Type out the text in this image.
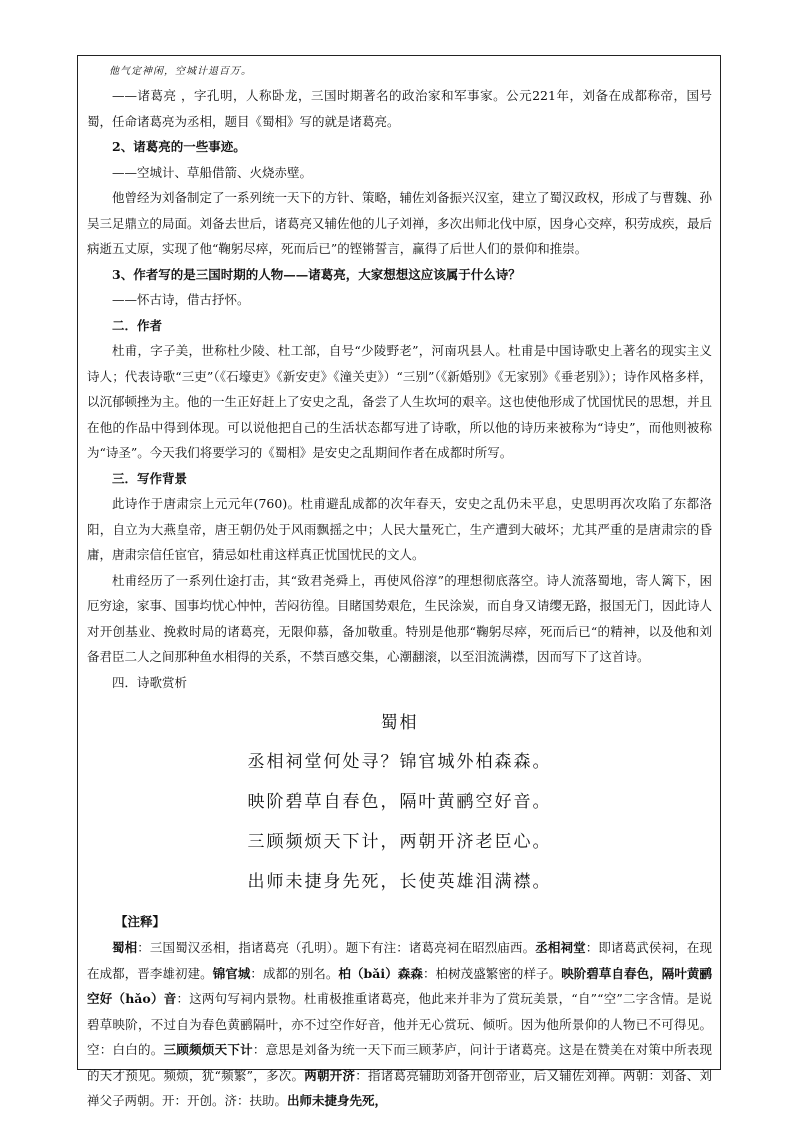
他气定神闲，空城计退百万。

——诸葛亮 ，字孔明，人称卧龙，三国时期著名的政治家和军事家。公元221年，刘备在成都称帝，国号蜀，任命诸葛亮为丞相，题目《蜀相》写的就是诸葛亮。

2、诸葛亮的一些事迹。

——空城计、草船借箭、火烧赤壁。

他曾经为刘备制定了一系列统一天下的方针、策略，辅佐刘备振兴汉室，建立了蜀汉政权，形成了与曹魏、孙吴三足鼎立的局面。刘备去世后，诸葛亮又辅佐他的儿子刘禅，多次出师北伐中原，因身心交瘁，积劳成疾，最后病逝五丈原，实现了他“鞠躬尽瘁，死而后已”的铿锵誓言，赢得了后世人们的景仰和推崇。

3、作者写的是三国时期的人物——诸葛亮，大家想想这应该属于什么诗？

——怀古诗，借古抒怀。

二．作者

杜甫，字子美，世称杜少陵、杜工部，自号“少陵野老”，河南巩县人。杜甫是中国诗歌史上著名的现实主义诗人；代表诗歌“三吏”（《石壕吏》《新安吏》《潼关吏》）“三别”（《新婚别》《无家别》《垂老别》）；诗作风格多样，以沉郁顿挫为主。他的一生正好赶上了安史之乱，备尝了人生坎坷的艰辛。这也使他形成了忧国忧民的思想，并且在他的作品中得到体现。可以说他把自己的生活状态都写进了诗歌，所以他的诗历来被称为“诗史”，而他则被称为“诗圣”。今天我们将要学习的《蜀相》是安史之乱期间作者在成都时所写。

三．写作背景

此诗作于唐肃宗上元元年(760)。杜甫避乱成都的次年春天，安史之乱仍未平息，史思明再次攻陷了东都洛阳，自立为大燕皇帝，唐王朝仍处于风雨飘摇之中；人民大量死亡，生产遭到大破坏；尤其严重的是唐肃宗的昏庸，唐肃宗信任宦官，猜忌如杜甫这样真正忧国忧民的文人。

杜甫经历了一系列仕途打击，其“致君尧舜上，再使风俗淳”的理想彻底落空。诗人流落蜀地，寄人篱下，困厄穷途，家事、国事均忧心忡忡，苦闷彷徨。目睹国势艰危，生民涂炭，而自身又请缨无路，报国无门，因此诗人对开创基业、挽救时局的诸葛亮，无限仰慕，备加敬重。特别是他那“鞠躬尽瘁，死而后已“的精神，以及他和刘备君臣二人之间那种鱼水相得的关系，不禁百感交集，心潮翻滚，以至泪流满襟，因而写下了这首诗。

四．诗歌赏析

蜀相

丞相祠堂何处寻？锦官城外柏森森。

映阶碧草自春色，隔叶黄鹂空好音。

三顾频烦天下计，两朝开济老臣心。

出师未捷身先死，长使英雄泪满襟。

【注释】

蜀相：三国蜀汉丞相，指诸葛亮（孔明）。题下有注：诸葛亮祠在昭烈庙西。丞相祠堂：即诸葛武侯祠，在现在成都，晋李雄初建。锦官城：成都的别名。柏（bǎi）森森：柏树茂盛繁密的样子。映阶碧草自春色，隔叶黄鹂空好（hǎo）音：这两句写祠内景物。杜甫极推重诸葛亮，他此来并非为了赏玩美景，“自”“空”二字含情。是说碧草映阶，不过自为春色黄鹂隔叶，亦不过空作好音，他并无心赏玩、倾听。因为他所景仰的人物已不可得见。空：白白的。三顾频烦天下计：意思是刘备为统一天下而三顾茅庐，问计于诸葛亮。这是在赞美在对策中所表现的天才预见。频烦，犹“频繁”，多次。两朝开济：指诸葛亮辅助刘备开创帝业，后又辅佐刘禅。两朝：刘备、刘禅父子两朝。开：开创。济：扶助。出师未捷身先死，
